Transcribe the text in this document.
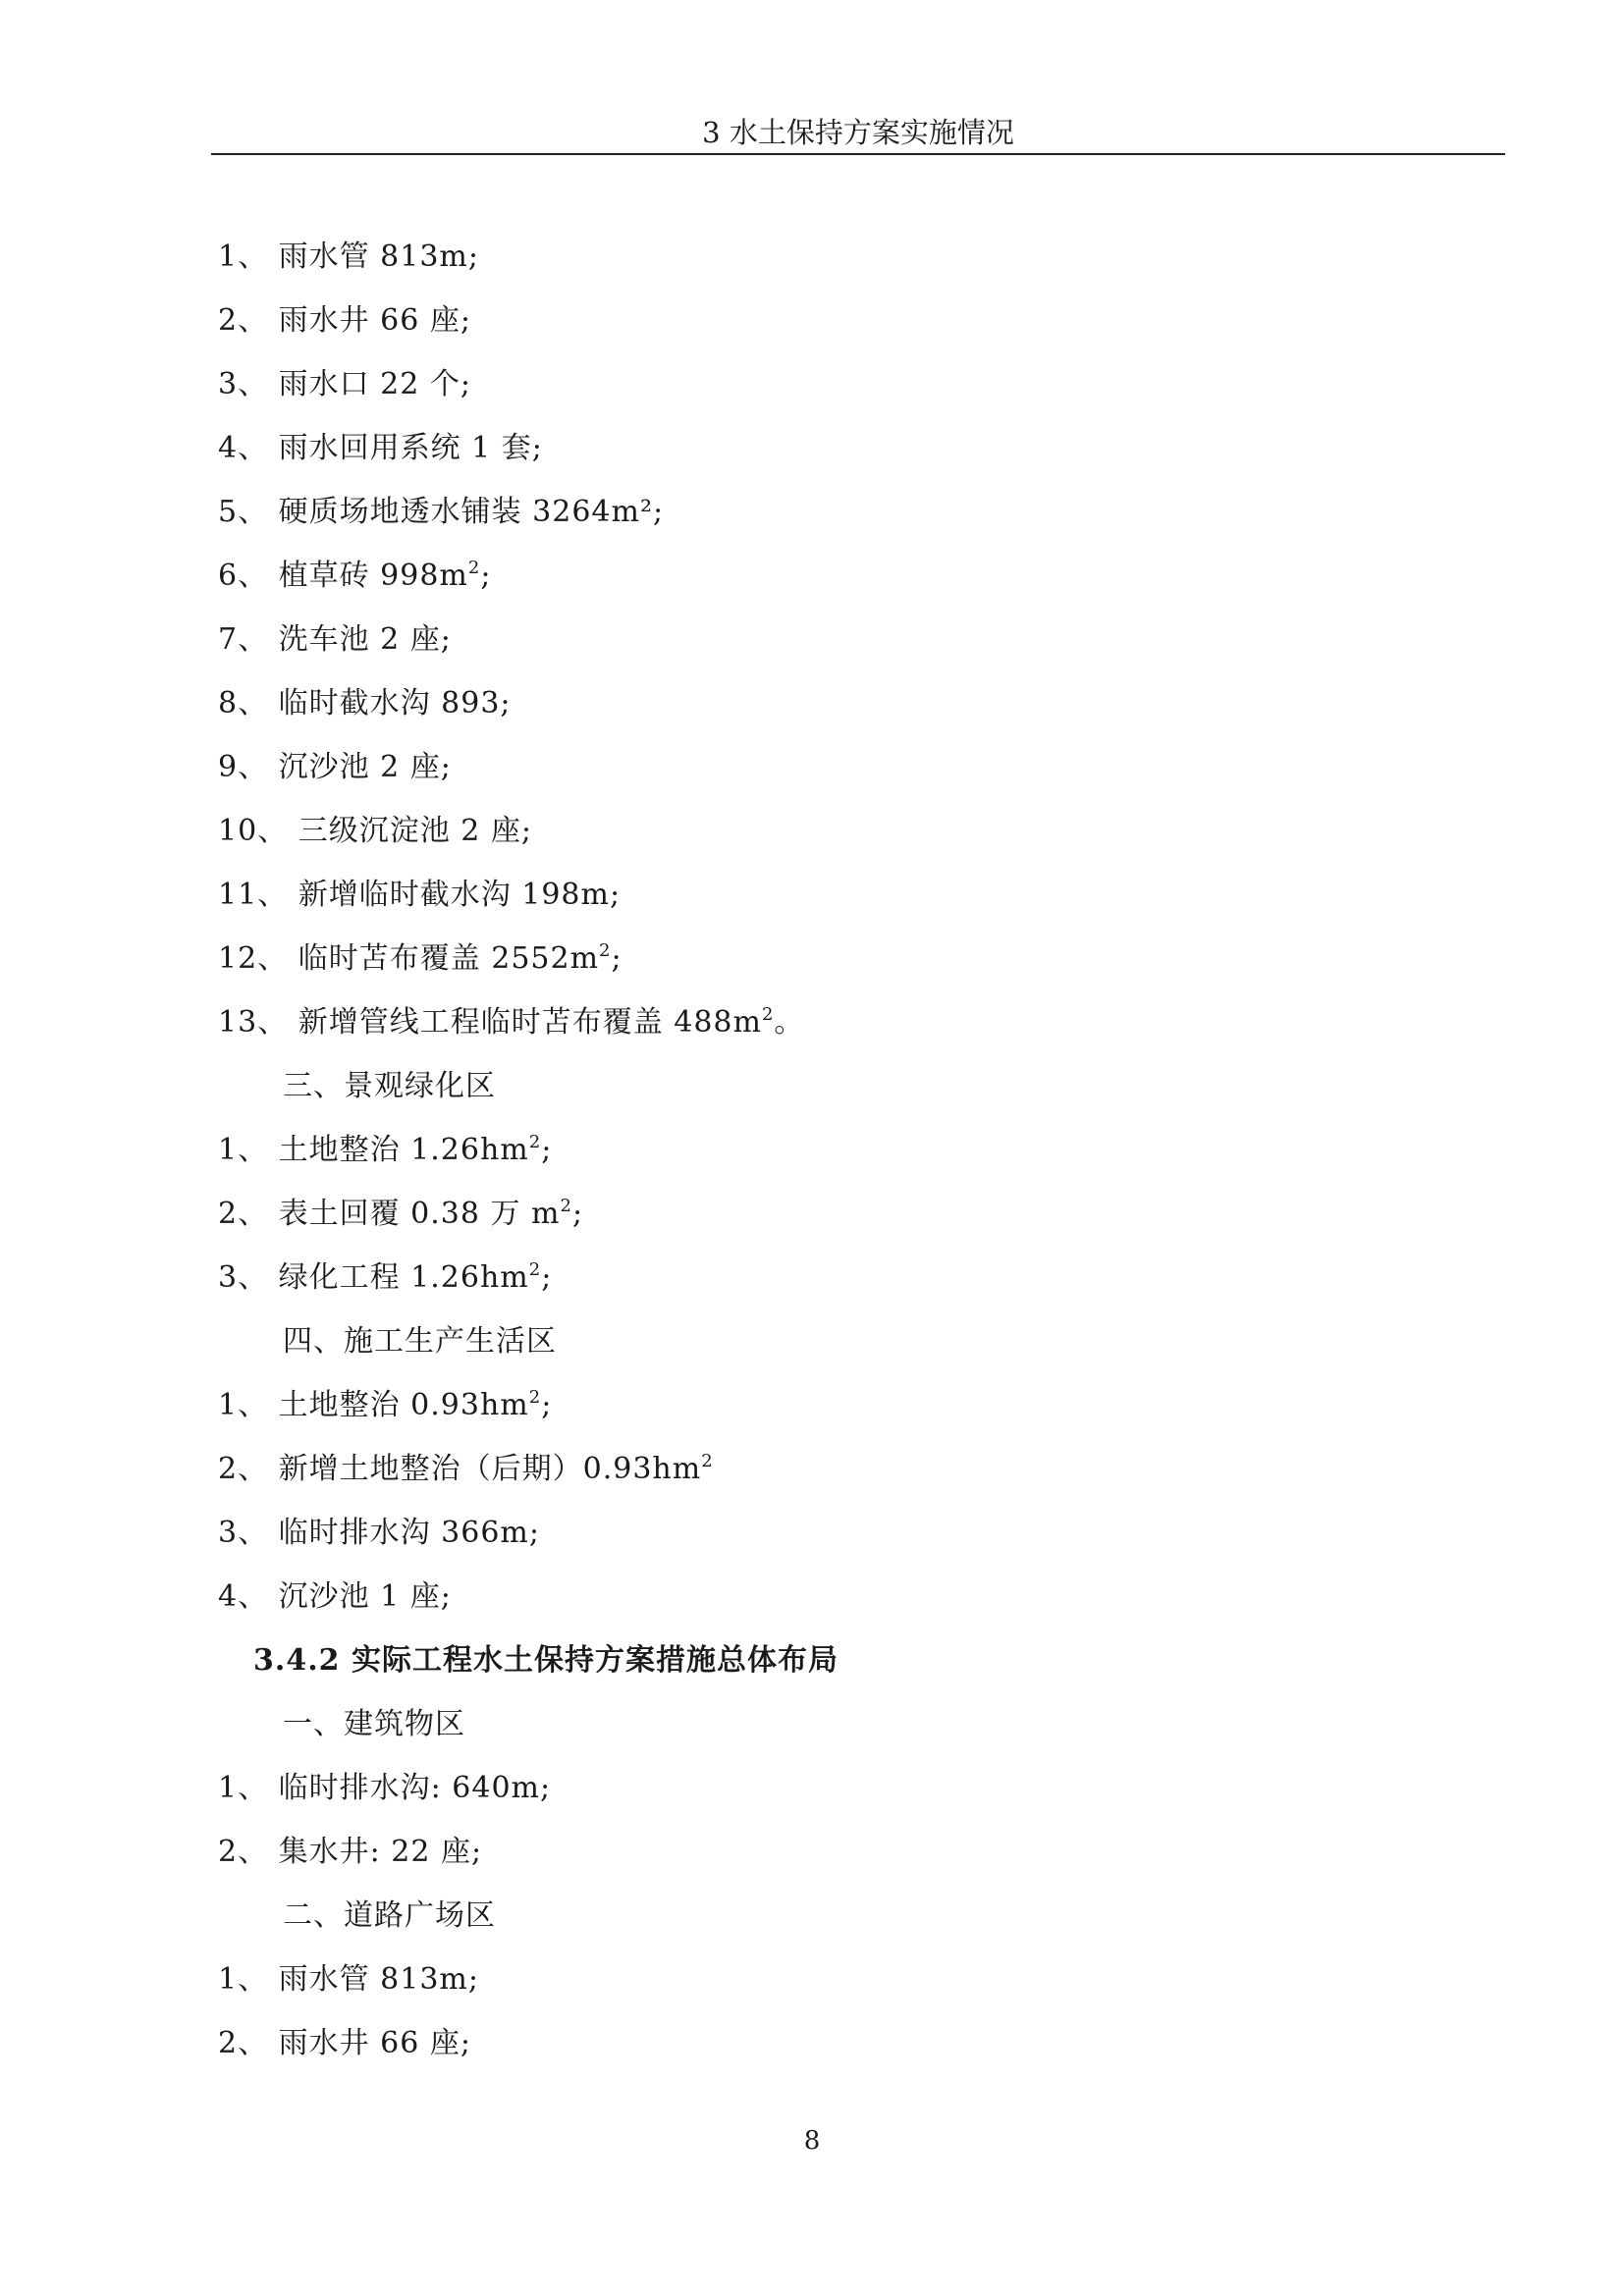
3 水土保持方案实施情况
1、 雨水管 813m;
2、 雨水井 66 座;
3、 雨水口 22 个;
4、 雨水回用系统 1 套;
5、 硬质场地透水铺装 3264m²;
6、 植草砖 $998m^2$;
7、 洗车池 2 座;
8、 临时截水沟 893;
9、 沉沙池 2 座;
10、 三级沉淀池 2 座;
11、 新增临时截水沟 198m;
12、 临时苫布覆盖 $2552m^2$;
13、 新增管线工程临时苫布覆盖 $488m^2$。
三、景观绿化区
1、 土地整治 $1.26hm^2$;
2、 表土回覆 0.38 万 $m^2$;
3、 绿化工程 $1.26hm^2$;
四、施工生产生活区
1、 土地整治 $0.93hm^2$;
2、 新增土地整治（后期）$0.93hm^2$
3、 临时排水沟 366m;
4、 沉沙池 1 座;
3.4.2 实际工程水土保持方案措施总体布局
一、建筑物区
1、 临时排水沟: 640m;
2、 集水井: 22 座;
二、道路广场区
1、 雨水管 813m;
2、 雨水井 66 座;
8
